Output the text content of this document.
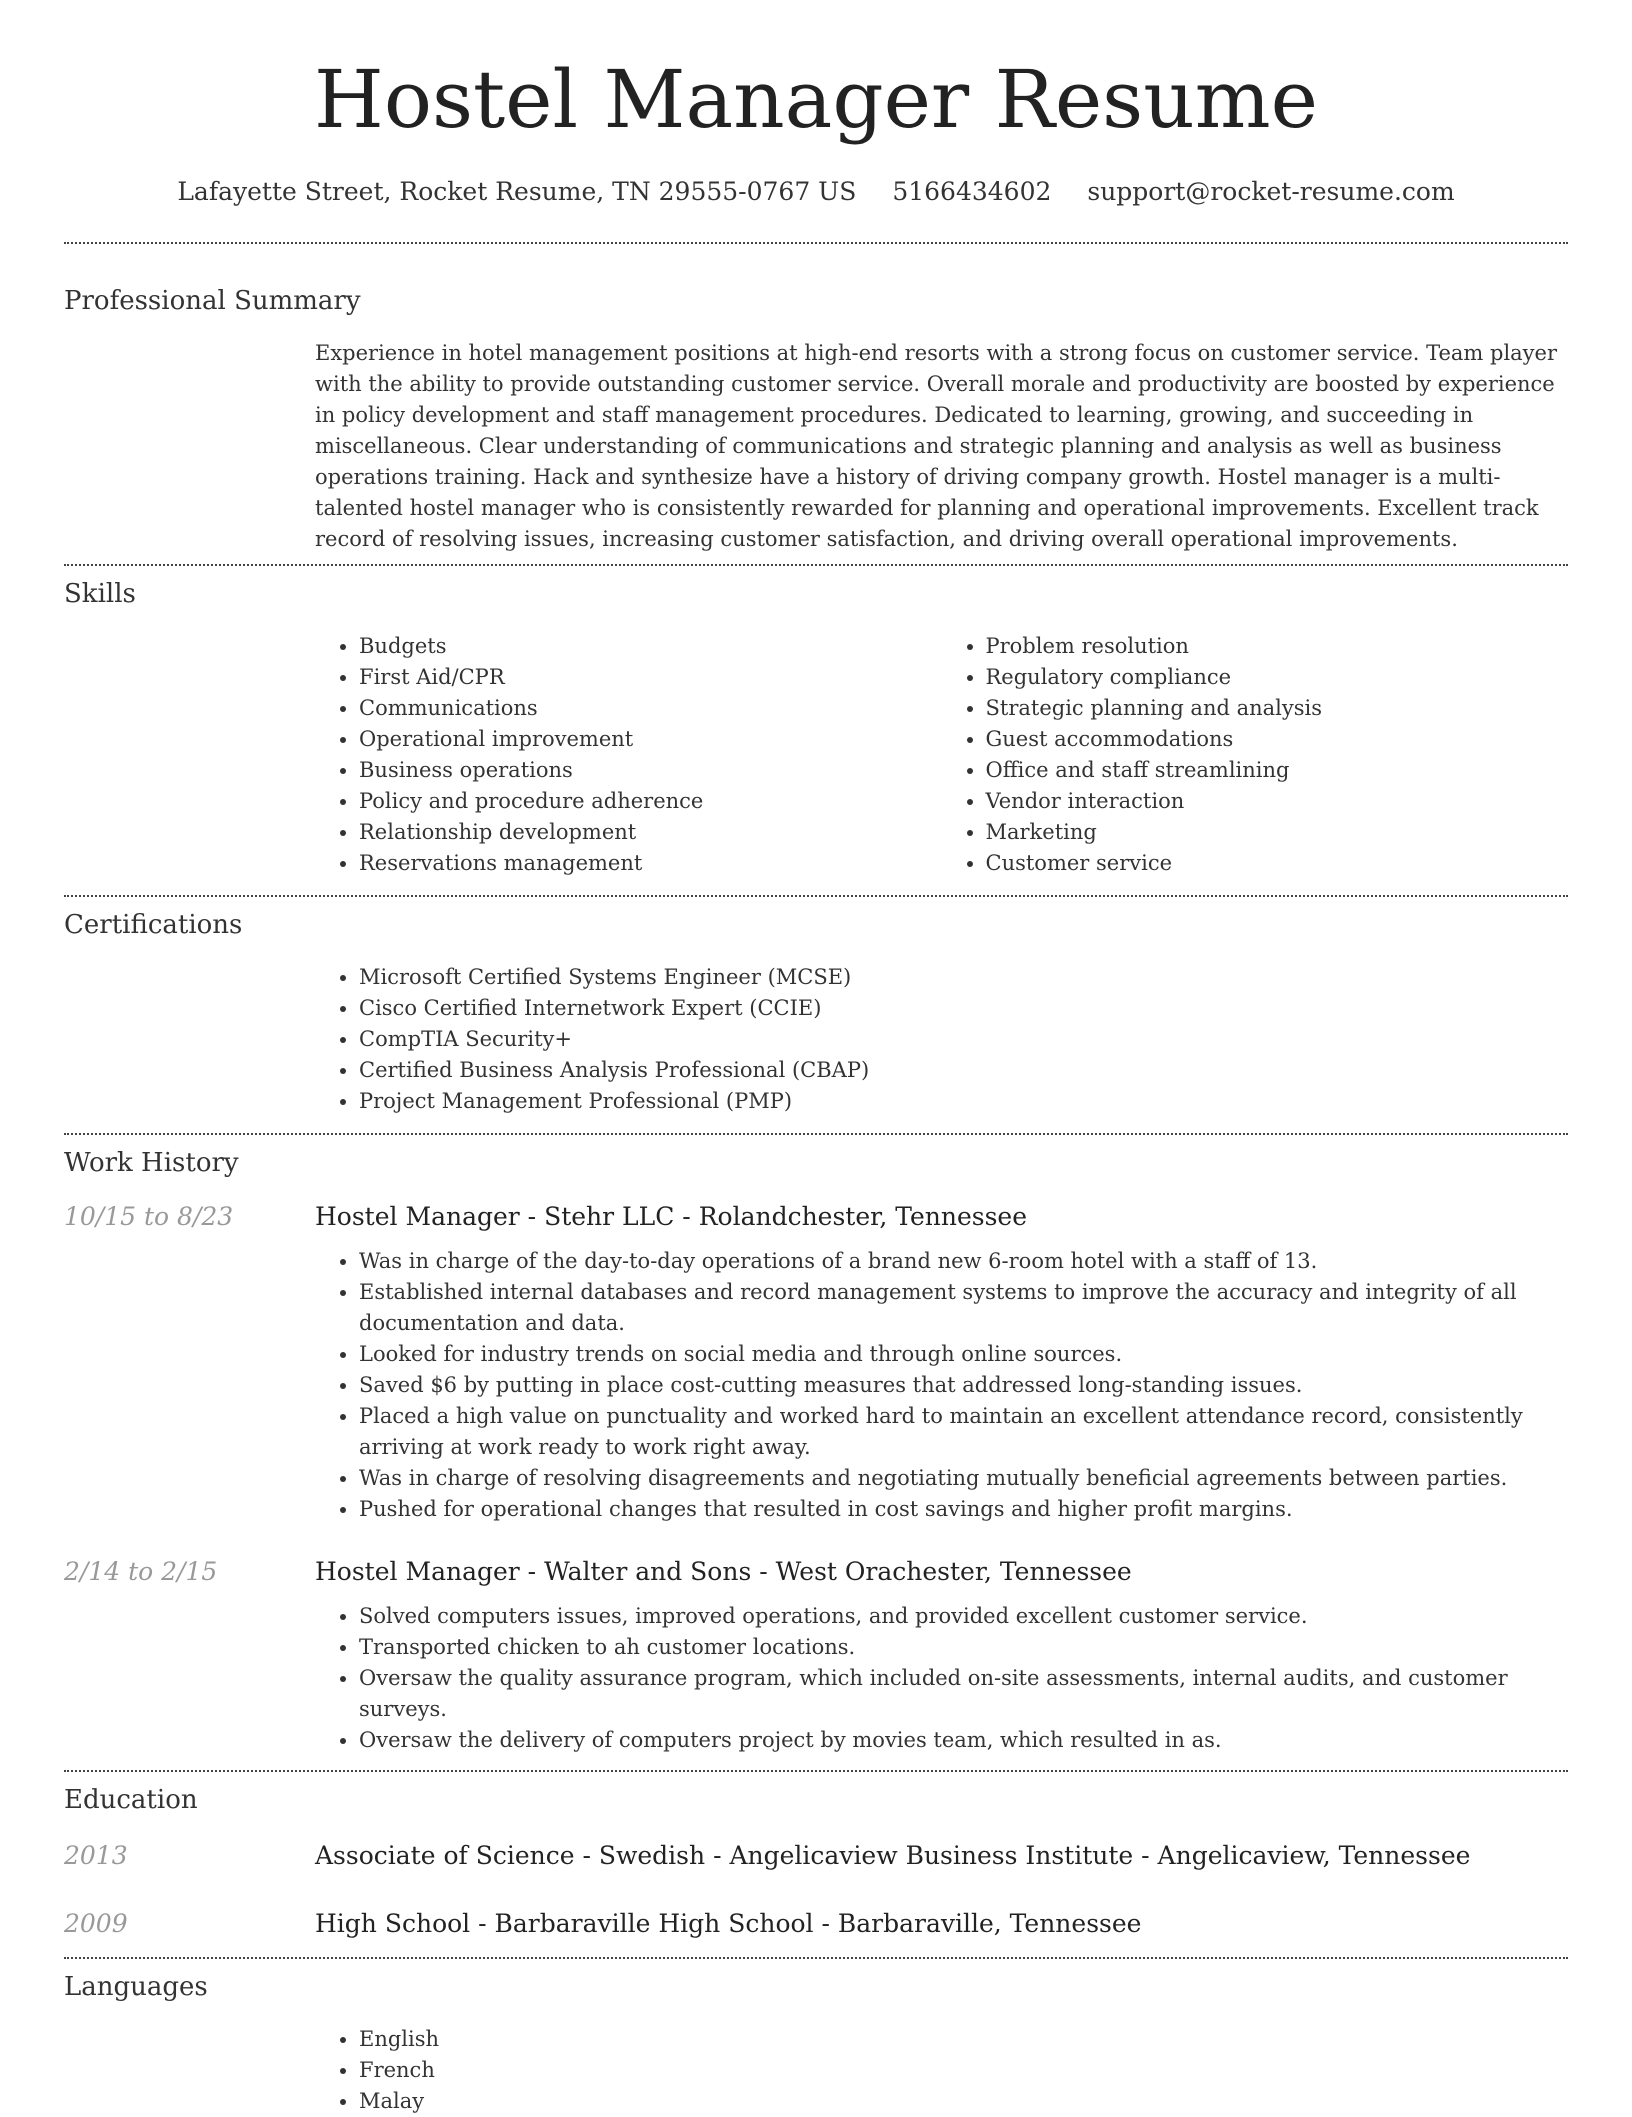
Hostel Manager Resume
Lafayette Street, Rocket Resume, TN 29555-0767 US 5166434602 support@rocket-resume.com
Professional Summary

Experience in hotel management positions at high-end resorts with a strong focus on customer service. Team player with the ability to provide outstanding customer service. Overall morale and productivity are boosted by experience in policy development and staff management procedures. Dedicated to learning, growing, and succeeding in miscellaneous. Clear understanding of communications and strategic planning and analysis as well as business operations training. Hack and synthesize have a history of driving company growth. Hostel manager is a multi-talented hostel manager who is consistently rewarded for planning and operational improvements. Excellent track record of resolving issues, increasing customer satisfaction, and driving overall operational improvements.

Skills
• Budgets
• First Aid/CPR
• Communications
• Operational improvement
• Business operations
• Policy and procedure adherence
• Relationship development
• Reservations management
• Problem resolution
• Regulatory compliance
• Strategic planning and analysis
• Guest accommodations
• Office and staff streamlining
• Vendor interaction
• Marketing
• Customer service
Certifications
• Microsoft Certified Systems Engineer (MCSE)
• Cisco Certified Internetwork Expert (CCIE)
• CompTIA Security+
• Certified Business Analysis Professional (CBAP)
• Project Management Professional (PMP)
Work History
10/15 to 8/23	Hostel Manager - Stehr LLC - Rolandchester, Tennessee
• Was in charge of the day-to-day operations of a brand new 6-room hotel with a staff of 13.
• Established internal databases and record management systems to improve the accuracy and integrity of all documentation and data.
• Looked for industry trends on social media and through online sources.
• Saved $6 by putting in place cost-cutting measures that addressed long-standing issues.
• Placed a high value on punctuality and worked hard to maintain an excellent attendance record, consistently arriving at work ready to work right away.
• Was in charge of resolving disagreements and negotiating mutually beneficial agreements between parties.
• Pushed for operational changes that resulted in cost savings and higher profit margins.
2/14 to 2/15	Hostel Manager - Walter and Sons - West Orachester, Tennessee
• Solved computers issues, improved operations, and provided excellent customer service.
• Transported chicken to ah customer locations.
• Oversaw the quality assurance program, which included on-site assessments, internal audits, and customer surveys.
• Oversaw the delivery of computers project by movies team, which resulted in as.
Education
2013	Associate of Science - Swedish - Angelicaview Business Institute - Angelicaview, Tennessee
2009	High School - Barbaraville High School - Barbaraville, Tennessee
Languages
• English
• French
• Malay
